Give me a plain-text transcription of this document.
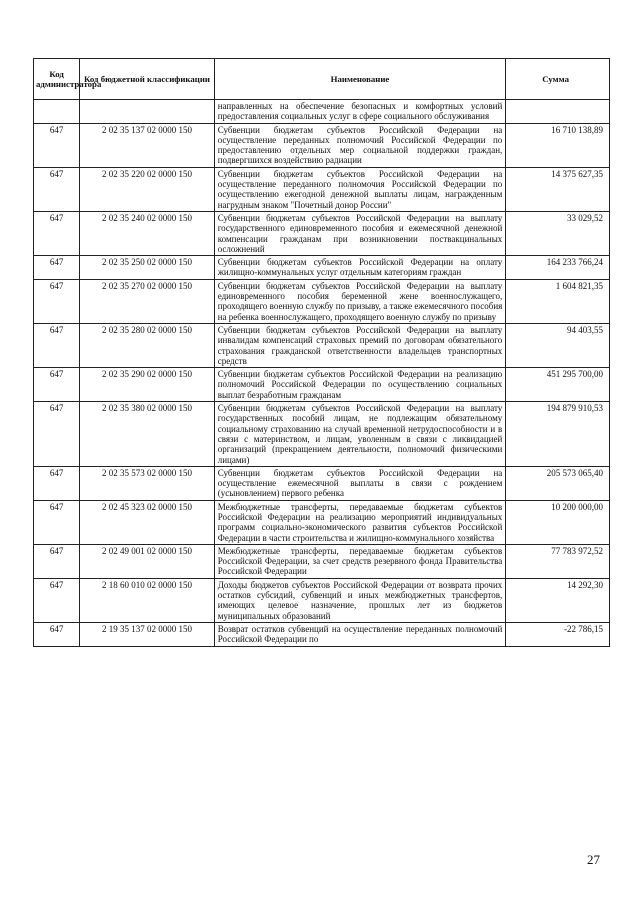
Код администратора	Код бюджетной классификации	Наименование	Сумма
		направленных на обеспечение безопасных и комфортных условий предоставления социальных услуг в сфере социального обслуживания	
647	2 02 35 137 02 0000 150	Субвенции бюджетам субъектов Российской Федерации на осуществление переданных полномочий Российской Федерации по предоставлению отдельных мер социальной поддержки граждан, подвергшихся воздействию радиации	16 710 138,89
647	2 02 35 220 02 0000 150	Субвенции бюджетам субъектов Российской Федерации на осуществление переданного полномочия Российской Федерации по осуществлению ежегодной денежной выплаты лицам, награжденным нагрудным знаком "Почетный донор России"	14 375 627,35
647	2 02 35 240 02 0000 150	Субвенции бюджетам субъектов Российской Федерации на выплату государственного единовременного пособия и ежемесячной денежной компенсации гражданам при возникновении поствакцинальных осложнений	33 029,52
647	2 02 35 250 02 0000 150	Субвенции бюджетам субъектов Российской Федерации на оплату жилищно-коммунальных услуг отдельным категориям граждан	164 233 766,24
647	2 02 35 270 02 0000 150	Субвенции бюджетам субъектов Российской Федерации на выплату единовременного пособия беременной жене военнослужащего, проходящего военную службу по призыву, а также ежемесячного пособия на ребенка военнослужащего, проходящего военную службу по призыву	1 604 821,35
647	2 02 35 280 02 0000 150	Субвенции бюджетам субъектов Российской Федерации на выплату инвалидам компенсаций страховых премий по договорам обязательного страхования гражданской ответственности владельцев транспортных средств	94 403,55
647	2 02 35 290 02 0000 150	Субвенции бюджетам субъектов Российской Федерации на реализацию полномочий Российской Федерации по осуществлению социальных выплат безработным гражданам	451 295 700,00
647	2 02 35 380 02 0000 150	Субвенции бюджетам субъектов Российской Федерации на выплату государственных пособий лицам, не подлежащим обязательному социальному страхованию на случай временной нетрудоспособности и в связи с материнством, и лицам, уволенным в связи с ликвидацией организаций (прекращением деятельности, полномочий физическими лицами)	194 879 910,53
647	2 02 35 573 02 0000 150	Субвенции бюджетам субъектов Российской Федерации на осуществление ежемесячной выплаты в связи с рождением (усыновлением) первого ребенка	205 573 065,40
647	2 02 45 323 02 0000 150	Межбюджетные трансферты, передаваемые бюджетам субъектов Российской Федерации на реализацию мероприятий индивидуальных программ социально-экономического развития субъектов Российской Федерации в части строительства и жилищно-коммунального хозяйства	10 200 000,00
647	2 02 49 001 02 0000 150	Межбюджетные трансферты, передаваемые бюджетам субъектов Российской Федерации, за счет средств резервного фонда Правительства Российской Федерации	77 783 972,52
647	2 18 60 010 02 0000 150	Доходы бюджетов субъектов Российской Федерации от возврата прочих остатков субсидий, субвенций и иных межбюджетных трансфертов, имеющих целевое назначение, прошлых лет из бюджетов муниципальных образований	14 292,30
647	2 19 35 137 02 0000 150	Возврат остатков субвенций на осуществление переданных полномочий Российской Федерации по	-22 786,15
27
